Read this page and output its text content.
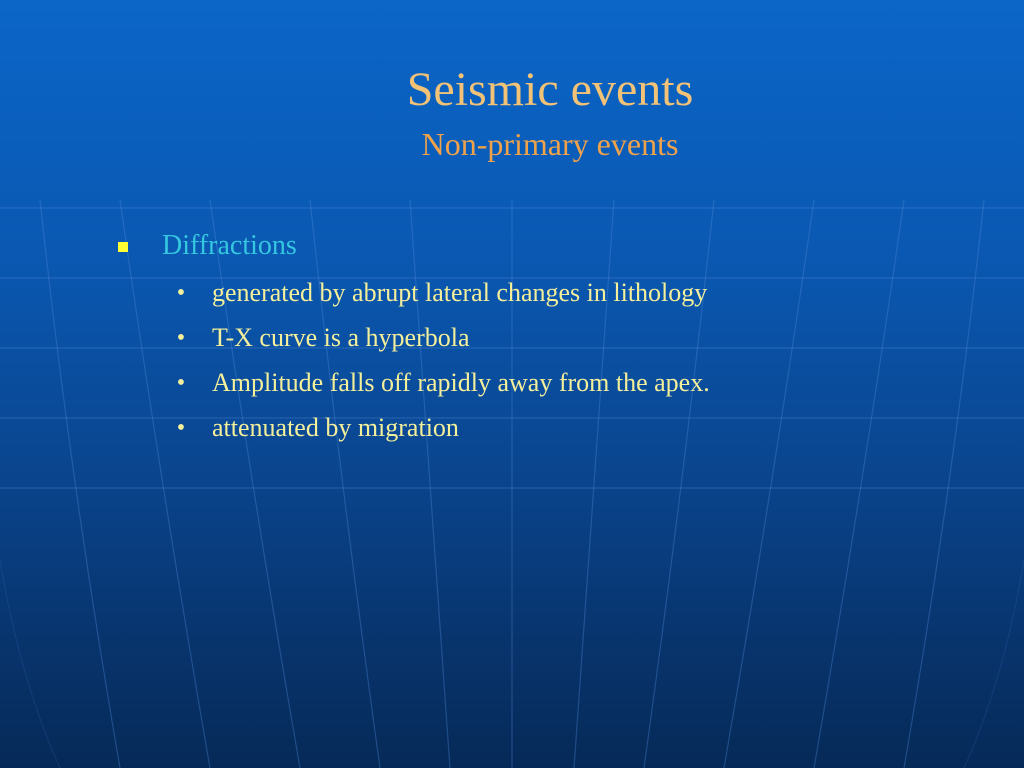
Seismic events
Non-primary events
Diffractions
• generated by abrupt lateral changes in lithology
• T-X curve is a hyperbola
• Amplitude falls off rapidly away from the apex.
• attenuated by migration
